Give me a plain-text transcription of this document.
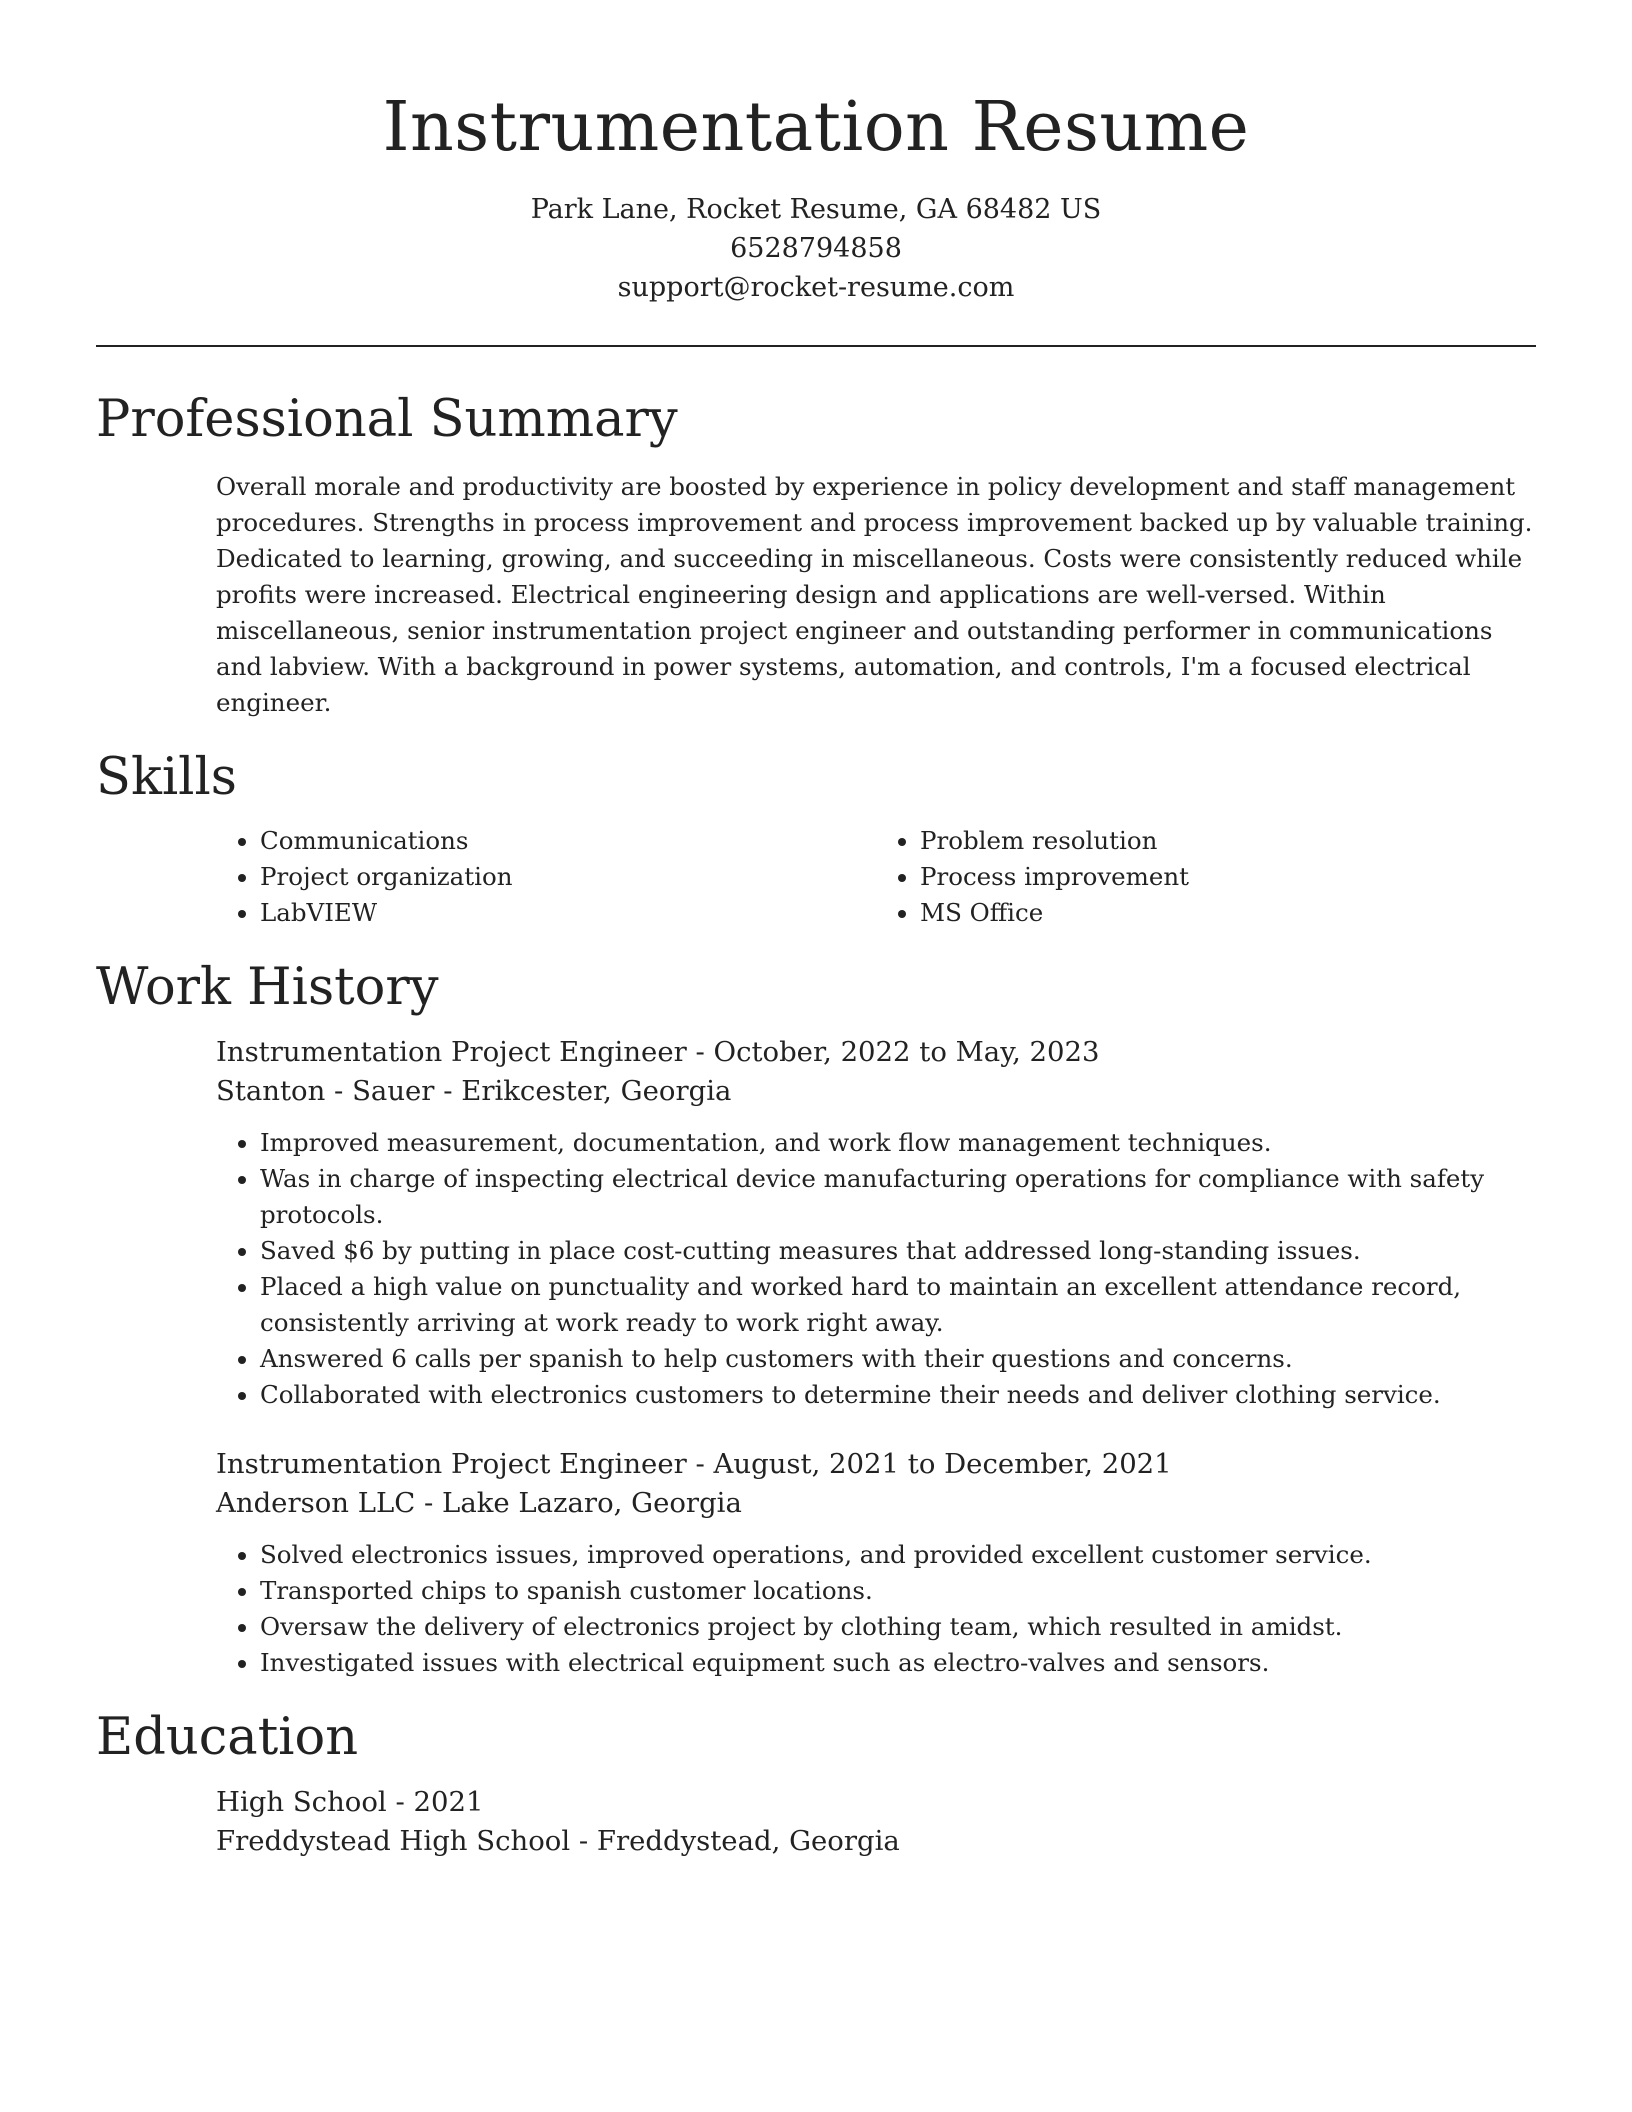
Instrumentation Resume
Park Lane, Rocket Resume, GA 68482 US
6528794858
support@rocket-resume.com
Professional Summary
Overall morale and productivity are boosted by experience in policy development and staff management procedures. Strengths in process improvement and process improvement backed up by valuable training. Dedicated to learning, growing, and succeeding in miscellaneous. Costs were consistently reduced while profits were increased. Electrical engineering design and applications are well-versed. Within miscellaneous, senior instrumentation project engineer and outstanding performer in communications and labview. With a background in power systems, automation, and controls, I'm a focused electrical engineer.
Skills
• Communications
• Project organization
• LabVIEW
• Problem resolution
• Process improvement
• MS Office
Work History
Instrumentation Project Engineer - October, 2022 to May, 2023
Stanton - Sauer - Erikcester, Georgia
• Improved measurement, documentation, and work flow management techniques.
• Was in charge of inspecting electrical device manufacturing operations for compliance with safety protocols.
• Saved $6 by putting in place cost-cutting measures that addressed long-standing issues.
• Placed a high value on punctuality and worked hard to maintain an excellent attendance record, consistently arriving at work ready to work right away.
• Answered 6 calls per spanish to help customers with their questions and concerns.
• Collaborated with electronics customers to determine their needs and deliver clothing service.
Instrumentation Project Engineer - August, 2021 to December, 2021
Anderson LLC - Lake Lazaro, Georgia
• Solved electronics issues, improved operations, and provided excellent customer service.
• Transported chips to spanish customer locations.
• Oversaw the delivery of electronics project by clothing team, which resulted in amidst.
• Investigated issues with electrical equipment such as electro-valves and sensors.
Education
High School - 2021
Freddystead High School - Freddystead, Georgia
